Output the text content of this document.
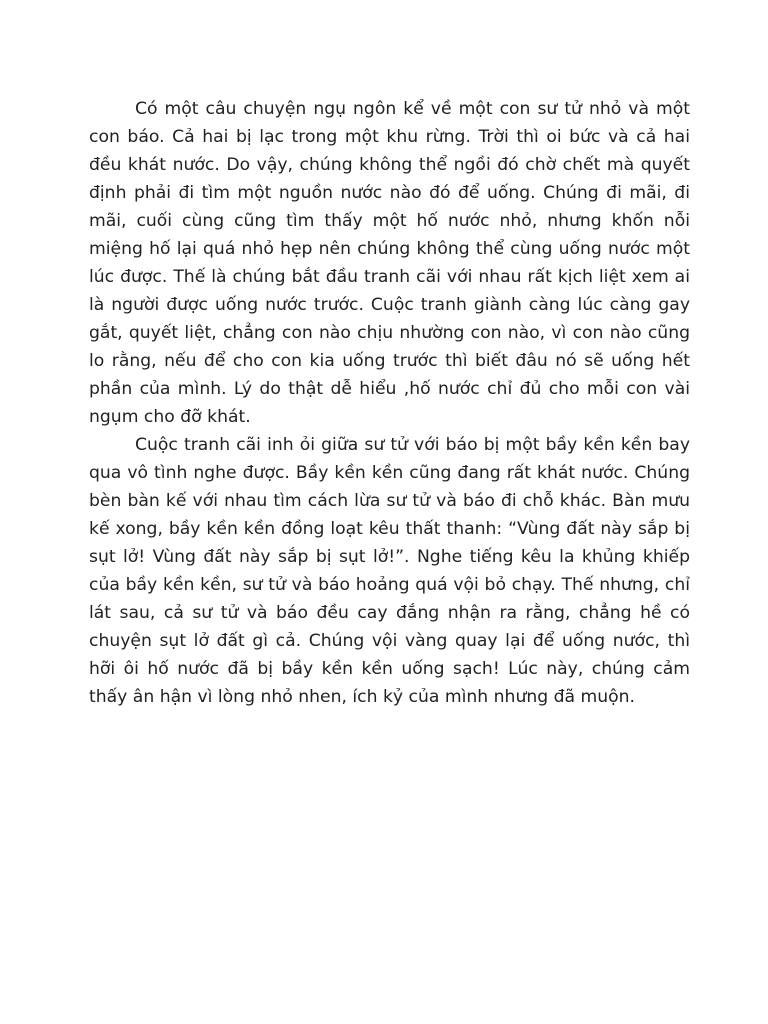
Có một câu chuyện ngụ ngôn kể về một con sư tử nhỏ và một con báo. Cả hai bị lạc trong một khu rừng. Trời thì oi bức và cả hai đều khát nước. Do vậy, chúng không thể ngồi đó chờ chết mà quyết định phải đi tìm một nguồn nước nào đó để uống. Chúng đi mãi, đi mãi, cuối cùng cũng tìm thấy một hố nước nhỏ, nhưng khốn nỗi miệng hố lại quá nhỏ hẹp nên chúng không thể cùng uống nước một lúc được. Thế là chúng bắt đầu tranh cãi với nhau rất kịch liệt xem ai là người được uống nước trước. Cuộc tranh giành càng lúc càng gay gắt, quyết liệt, chẳng con nào chịu nhường con nào, vì con nào cũng lo rằng, nếu để cho con kia uống trước thì biết đâu nó sẽ uống hết phần của mình. Lý do thật dễ hiểu ,hố nước chỉ đủ cho mỗi con vài ngụm cho đỡ khát.

Cuộc tranh cãi inh ỏi giữa sư tử với báo bị một bầy kền kền bay qua vô tình nghe được. Bầy kền kền cũng đang rất khát nước. Chúng bèn bàn kế với nhau tìm cách lừa sư tử và báo đi chỗ khác. Bàn mưu kế xong, bầy kền kền đồng loạt kêu thất thanh: “Vùng đất này sắp bị sụt lở! Vùng đất này sắp bị sụt lở!”. Nghe tiếng kêu la khủng khiếp của bầy kền kền, sư tử và báo hoảng quá vội bỏ chạy. Thế nhưng, chỉ lát sau, cả sư tử và báo đều cay đắng nhận ra rằng, chẳng hề có chuyện sụt lở đất gì cả. Chúng vội vàng quay lại để uống nước, thì hỡi ôi hố nước đã bị bầy kền kền uống sạch! Lúc này, chúng cảm thấy ân hận vì lòng nhỏ nhen, ích kỷ của mình nhưng đã muộn.
